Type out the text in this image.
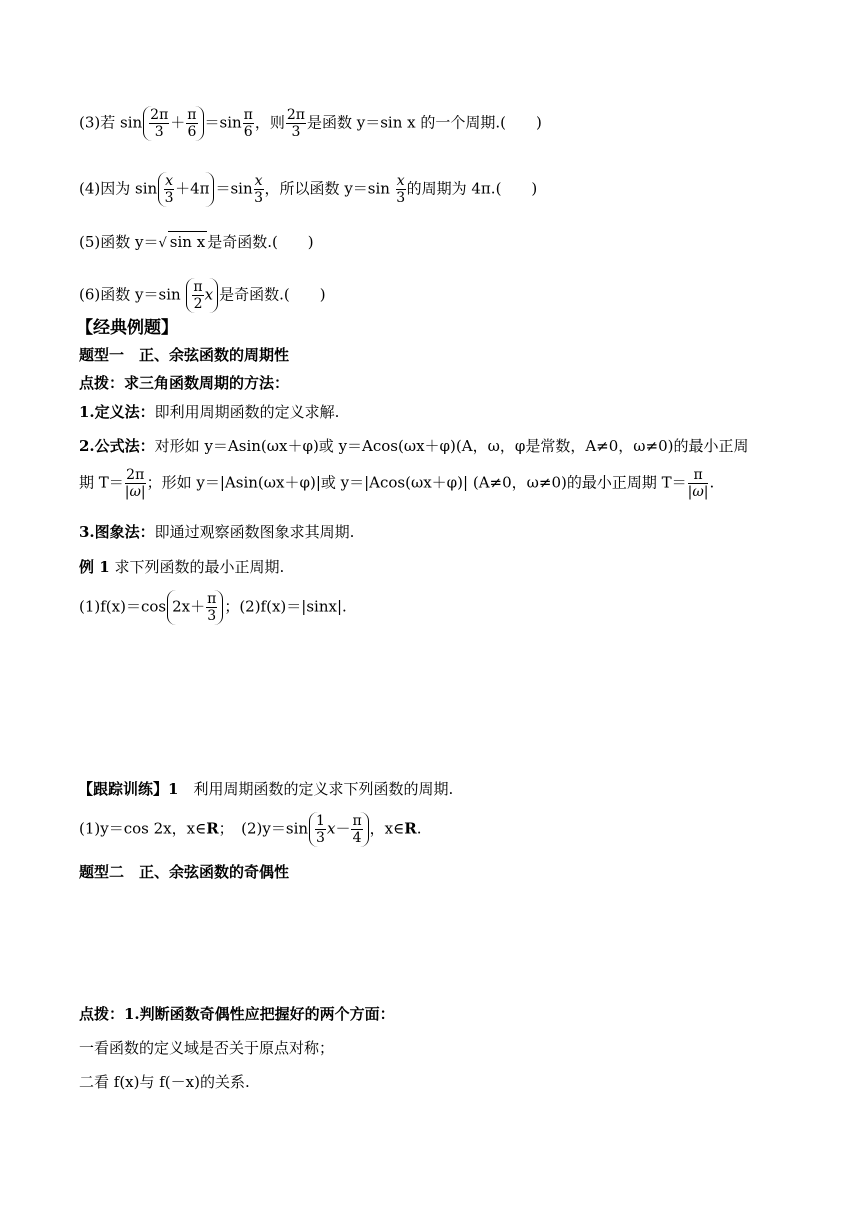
(3)若 $\sin \frac{2\pi}{3} + \frac{\pi}{6} =\sin \frac{\pi}{6}$ ，则 $\frac{2\pi}{3}$ 是函数 y＝sin x 的一个周期.(　　)
(4)因为 $\sin \frac{x}{3} +4\pi =\sin \frac{x}{3}$ ，所以函数 $y=\sin \frac{x}{3}$ 的周期为 4π.(　　)
(5)函数 y＝√ sin x 是奇函数.(　　)
(6)函数 $y=\sin \frac{\pi}{2}$ x 是奇函数.(　　)
【经典例题】
题型一　正、余弦函数的周期性
点拨：求三角函数周期的方法：
1.定义法：即利用周期函数的定义求解.
2.公式法：对形如 y＝Asin(ωx＋φ)或 y＝Acos(ωx＋φ)(A，ω，φ是常数，A≠0，ω≠0)的最小正周
期 $T= \frac{2\pi}{|\omega|}$ ；形如 y＝|Asin(ωx＋φ)|或 y＝|Acos(ωx＋φ)| (A≠0，ω≠0)的最小正周期 $T= \frac{\pi}{|\omega|}$ .
3.图象法：即通过观察函数图象求其周期.
例 1 求下列函数的最小正周期.
(1)f(x)＝cos $2x+ \frac{\pi}{3}$ ；(2)f(x)＝|sinx|.
【跟踪训练】1　利用周期函数的定义求下列函数的周期.
(1)y＝cos 2x，x∈R；　$(2)y=\sin \frac{1}{3} x- \frac{\pi}{4}$ ，x∈R.
题型二　正、余弦函数的奇偶性
点拨：1.判断函数奇偶性应把握好的两个方面：
一看函数的定义域是否关于原点对称；
二看 f(x)与 f(－x)的关系.
